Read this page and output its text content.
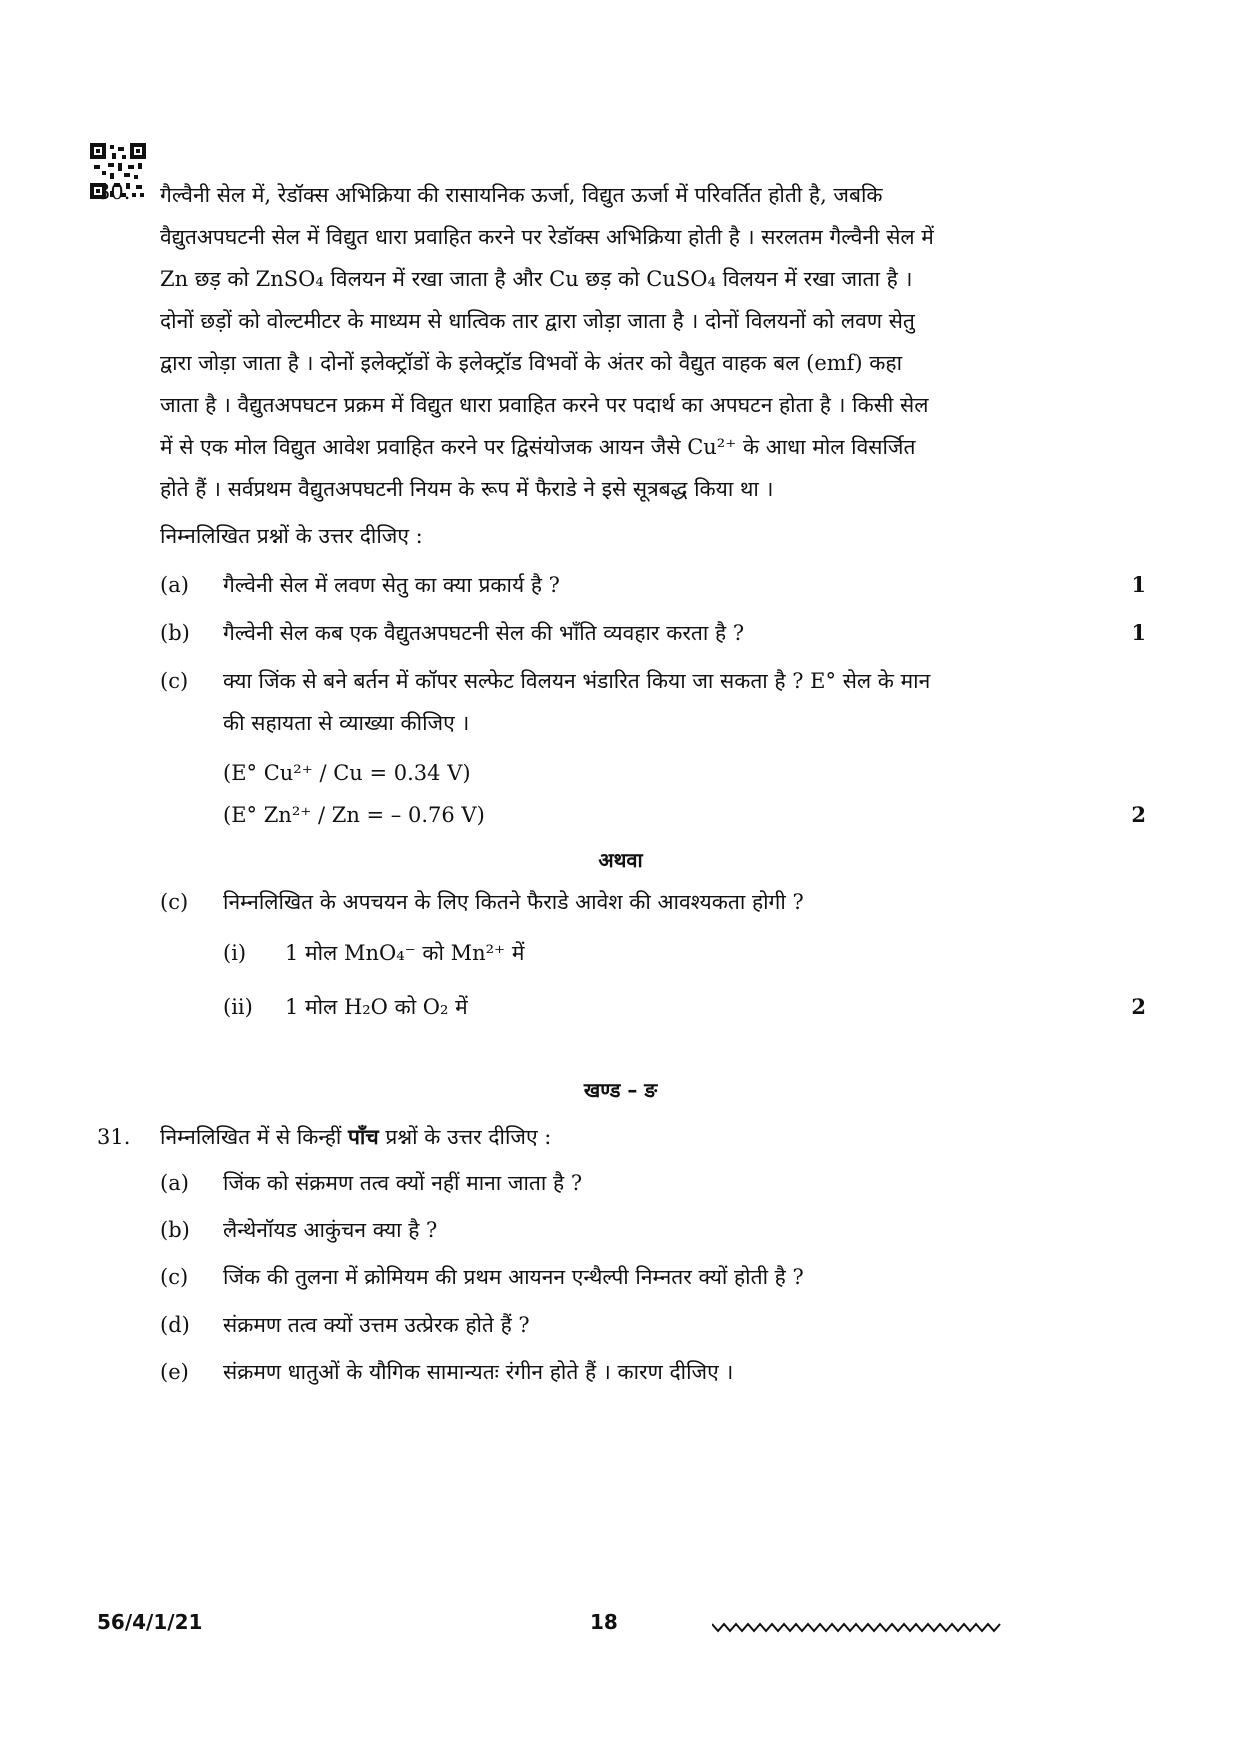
30. गैल्वैनी सेल में, रेडॉक्स अभिक्रिया की रासायनिक ऊर्जा, विद्युत ऊर्जा में परिवर्तित होती है, जबकि
वैद्युतअपघटनी सेल में विद्युत धारा प्रवाहित करने पर रेडॉक्स अभिक्रिया होती है । सरलतम गैल्वैनी सेल में
Zn छड़ को ZnSO₄ विलयन में रखा जाता है और Cu छड़ को CuSO₄ विलयन में रखा जाता है ।
दोनों छड़ों को वोल्टमीटर के माध्यम से धात्विक तार द्वारा जोड़ा जाता है । दोनों विलयनों को लवण सेतु
द्वारा जोड़ा जाता है । दोनों इलेक्ट्रॉडों के इलेक्ट्रॉड विभवों के अंतर को वैद्युत वाहक बल (emf) कहा
जाता है । वैद्युतअपघटन प्रक्रम में विद्युत धारा प्रवाहित करने पर पदार्थ का अपघटन होता है । किसी सेल
में से एक मोल विद्युत आवेश प्रवाहित करने पर द्विसंयोजक आयन जैसे Cu²⁺ के आधा मोल विसर्जित
होते हैं । सर्वप्रथम वैद्युतअपघटनी नियम के रूप में फैराडे ने इसे सूत्रबद्ध किया था ।
निम्नलिखित प्रश्नों के उत्तर दीजिए :
(a) गैल्वेनी सेल में लवण सेतु का क्या प्रकार्य है ?	1
(b) गैल्वेनी सेल कब एक वैद्युतअपघटनी सेल की भाँति व्यवहार करता है ?	1
(c) क्या जिंक से बने बर्तन में कॉपर सल्फेट विलयन भंडारित किया जा सकता है ? E° सेल के मान
की सहायता से व्याख्या कीजिए ।
(E° Cu²⁺ / Cu = 0.34 V)
(E° Zn²⁺ / Zn = – 0.76 V)	2
अथवा
(c) निम्नलिखित के अपचयन के लिए कितने फैराडे आवेश की आवश्यकता होगी ?
(i) 1 मोल MnO₄⁻ को Mn²⁺ में
(ii) 1 मोल H₂O को O₂ में	2
खण्ड – ङ
31. निम्नलिखित में से किन्हीं पाँच प्रश्नों के उत्तर दीजिए :
(a) जिंक को संक्रमण तत्व क्यों नहीं माना जाता है ?
(b) लैन्थेनॉयड आकुंचन क्या है ?
(c) जिंक की तुलना में क्रोमियम की प्रथम आयनन एन्थैल्पी निम्नतर क्यों होती है ?
(d) संक्रमण तत्व क्यों उत्तम उत्प्रेरक होते हैं ?
(e) संक्रमण धातुओं के यौगिक सामान्यतः रंगीन होते हैं । कारण दीजिए ।
56/4/1/21	18
